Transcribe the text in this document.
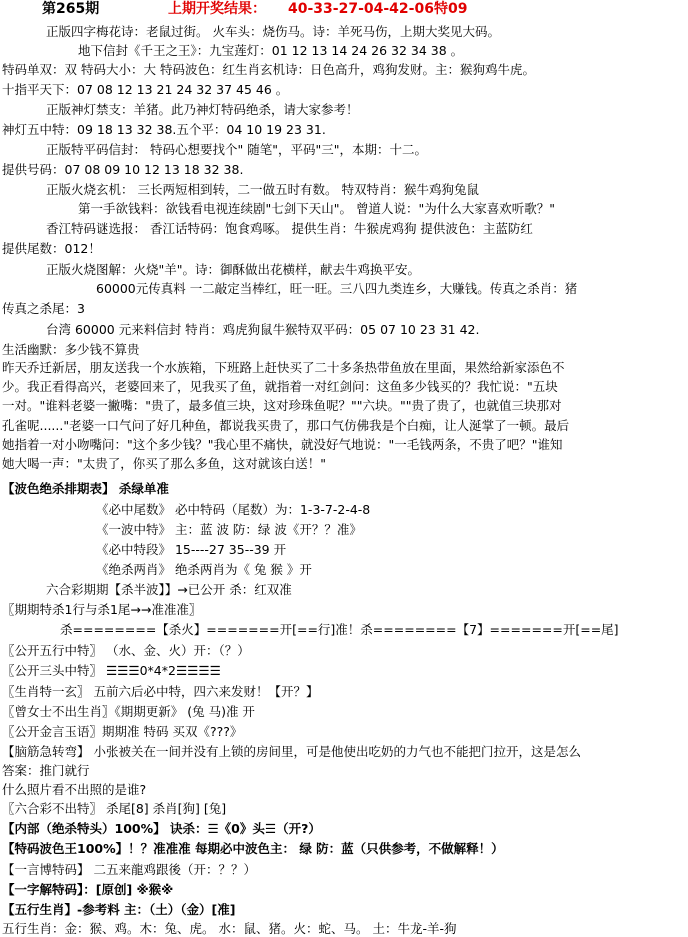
第265期	上期开奖结果： 40-33-27-04-42-06特09
正版四字梅花诗：老鼠过街。 火车头：烧伤马。诗：羊死马伤，上期大奖见大码。
地下信封《千王之王》：九宝莲灯：01 12 13 14 24 26 32 34 38 。
特码单双：双 特码大小：大 特码波色：红生肖玄机诗：日色高升，鸡狗发财。主：猴狗鸡牛虎。
十指平天下：07 08 12 13 21 24 32 37 45 46 。
正版神灯禁支：羊猪。此乃神灯特码绝杀，请大家参考！
神灯五中特：09 18 13 32 38.五个平：04 10 19 23 31.
正版特平码信封： 特码心想要找个" 随笔"，平码"三"，本期：十二。
提供号码：07 08 09 10 12 13 18 32 38.
正版火烧玄机： 三长两短相到转，二一做五时有数。 特双特肖：猴牛鸡狗兔鼠
第一手欲钱料：欲钱看电视连续剧"七剑下天山"。 曾道人说："为什么大家喜欢听歌？"
香江特码谜选报： 香江话特码：饱食鸡啄。 提供生肖：牛猴虎鸡狗 提供波色：主蓝防红
提供尾数：012！
正版火烧图解：火烧"羊"。诗：御酥做出花横样，献去牛鸡换平安。
60000元传真料 一二敲定当棒红，旺一旺。三八四九类连乡，大赚钱。传真之杀肖：猪
传真之杀尾：3
台湾 60000 元来料信封 特肖：鸡虎狗鼠牛猴特双平码：05 07 10 23 31 42.
生活幽默：多少钱不算贵
昨天乔迁新居，朋友送我一个水族箱，下班路上赶快买了二十多条热带鱼放在里面，果然给新家添色不
少。我正看得高兴，老婆回来了，见我买了鱼，就指着一对红剑问：这鱼多少钱买的？我忙说："五块
一对。"谁料老婆一撇嘴："贵了，最多值三块，这对珍珠鱼呢？""六块。""贵了贵了，也就值三块那对
孔雀呢......"老婆一口气问了好几种鱼，都说我买贵了，那口气仿佛我是个白痴，让人涎掌了一顿。最后
她指着一对小吻嘴问："这个多少钱？"我心里不痛快，就没好气地说："一毛钱两条，不贵了吧？"谁知
她大喝一声："太贵了，你买了那么多鱼，这对就该白送！"
【波色绝杀排期表】 杀绿单准
《必中尾数》 必中特码（尾数）为：1-3-7-2-4-8
《一波中特》 主：蓝 波 防：绿 波《开？？准》
《必中特段》 15----27 35--39 开
《绝杀两肖》 绝杀两肖为《 兔 猴 》开
六合彩期期【杀半波】】→已公开 杀：红双准
〖期期特杀1行与杀1尾→→准准准〗
杀========【杀火】=======开[==行]准！杀========【7】=======开[==尾]
〖公开五行中特〗 （水、金、火）开：（？）
〖公开三头中特〗 ☰☰☰0*4*2☰☰☰☰
〖生肖特一玄〗 五前六后必中特，四六来发财！【开？】
〖曾女士不出生肖〗《期期更新》 (兔 马)准 开
〖公开金言玉语〗期期准 特码 买双《???》
【脑筋急转弯】 小张被关在一间并没有上锁的房间里，可是他使出吃奶的力气也不能把门拉开，这是怎么
答案：推门就行
什么照片看不出照的是谁?
〖六合彩不出特〗 杀尾[8] 杀肖[狗] [兔]
【内部（绝杀特头）100%】 诀杀：☰《0》头☰（开?）
【特码波色王100%】！？准准准 每期必中波色主： 绿 防：蓝（只供参考，不做解释！）
【一言博特码】 二五来龍鸡跟後（开：？？）
【一字解特码】：[原创] ※猴※
【五行生肖】-参考料 主：（土）（金）[准]
五行生肖：金：猴、鸡。木：兔、虎。 水：鼠、猪。火：蛇、马。 土：牛龙-羊-狗
